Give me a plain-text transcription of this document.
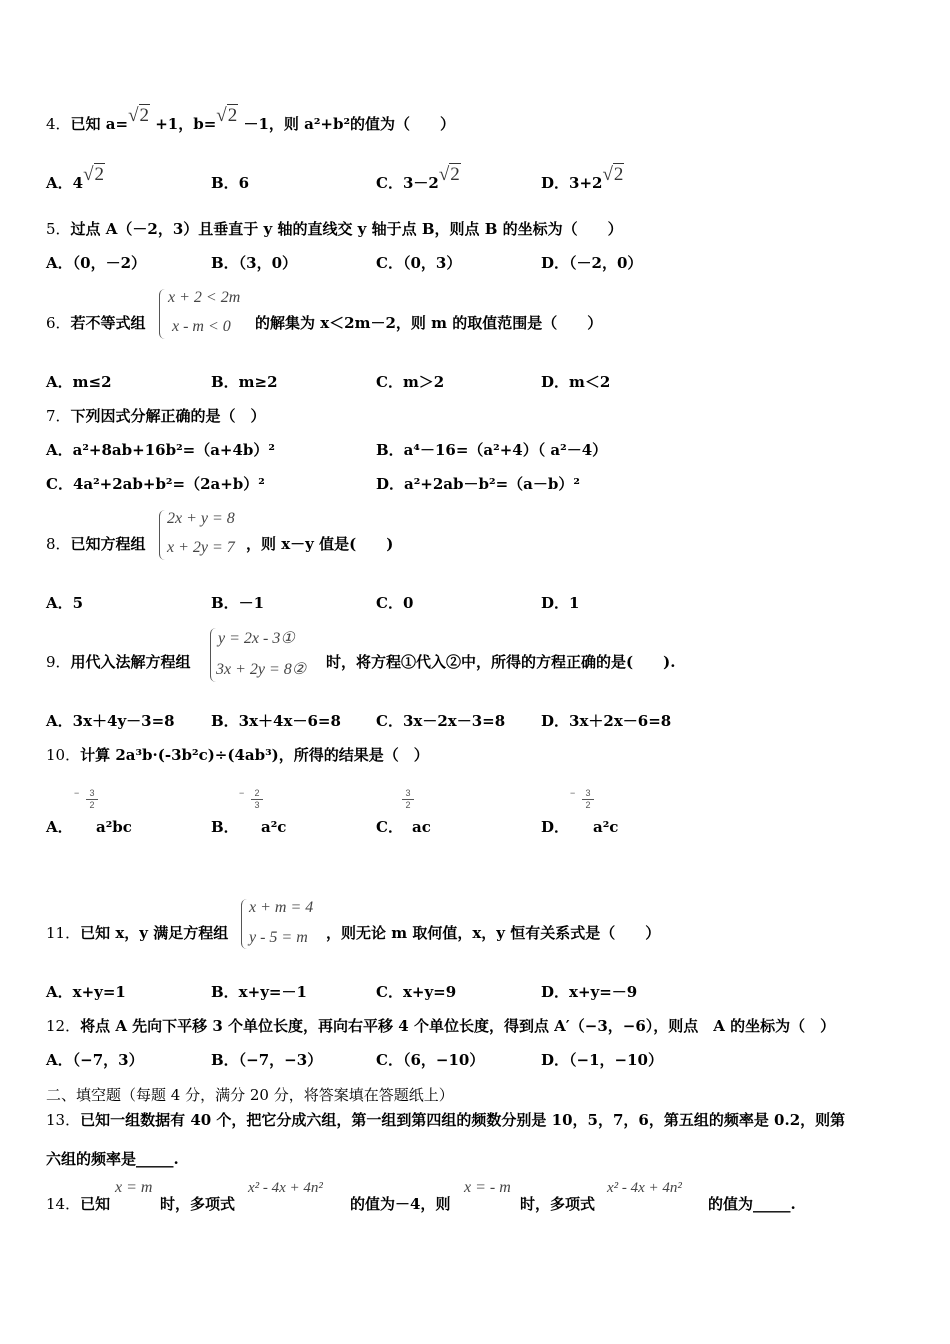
4．已知 a=√2 +1，b=√2 －1，则 a²+b²的值为（　　）
A．4√2	B．6	C．3－2√2	D．3+2√2
5．过点 A（－2，3）且垂直于 y 轴的直线交 y 轴于点 B，则点 B 的坐标为（　　）
A．（0，－2）	B．（3，0）	C．（0，3）	D．（－2，0）
6．若不等式组
x + 2 < 2m
x - m < 0 的解集为 x＜2m－2，则 m 的取值范围是（　　）
A．m≤2	B．m≥2	C．m＞2	D．m＜2
7．下列因式分解正确的是（　）
A．a²+8ab+16b²=（a+4b）²	B．a⁴－16=（a²+4）（ a²－4）
C．4a²+2ab+b²=（2a+b）²	D．a²+2ab－b²=（a－b）²
8．已知方程组
2x + y = 8
x + 2y = 7 ，则 x－y 值是(　　)
A．5	B．－1	C．0	D．1
9．用代入法解方程组
y = 2x - 3①
3x + 2y = 8② 时，将方程①代入②中，所得的方程正确的是(　　).
A．3x＋4y－3=8 B．3x＋4x－6=8 C．3x－2x－3=8 D．3x＋2x－6=8
10．计算 2a³b·(-3b²c)÷(4ab³)，所得的结果是（　）
A．
− $\frac{3}{2}$
a²bc	B．
− $\frac{2}{3}$
a²c	C．
$\frac{3}{2}$
ac	D．
− $\frac{3}{2}$
a²c
11．已知 x，y 满足方程组
x + m = 4
y - 5 = m ，则无论 m 取何值，x，y 恒有关系式是（　　）
A．x+y=1	B．x+y=－1	C．x+y=9	D．x+y=－9
12．将点 A 先向下平移 3 个单位长度，再向右平移 4 个单位长度，得到点 A′（−3，−6），则点　A 的坐标为（　）
A．（−7，3）	B．（−7，−3）	C．（6，−10）	D．（−1，−10）
二、填空题（每题 4 分，满分 20 分，将答案填在答题纸上）
13．已知一组数据有 40 个，把它分成六组，第一组到第四组的频数分别是 10，5，7，6，第五组的频率是 0.2，则第
六组的频率是_____.
14．已知
x = m
时，多项式
x² - 4x + 4n²
的值为－4，则
x = - m
时，多项式
x² - 4x + 4n²
的值为_____.
